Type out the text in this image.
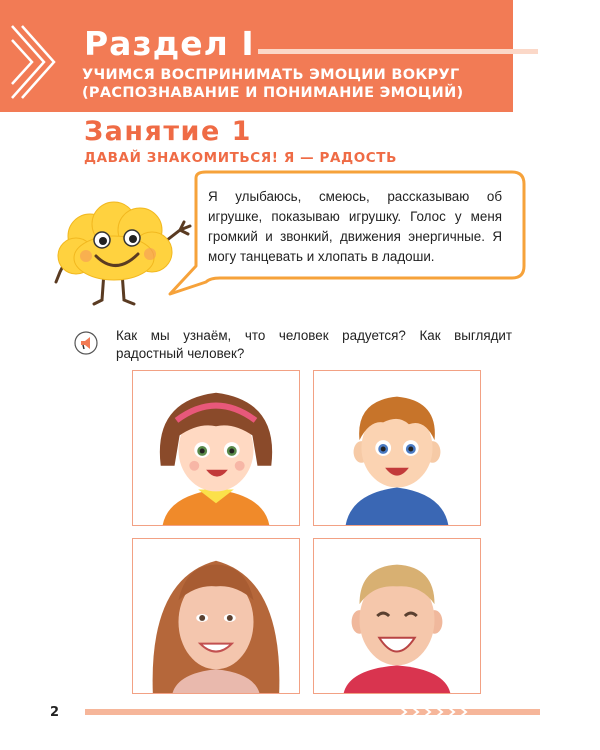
Раздел I
УЧИМСЯ ВОСПРИНИМАТЬ ЭМОЦИИ ВОКРУГ (РАСПОЗНАВАНИЕ И ПОНИМАНИЕ ЭМОЦИЙ)
Занятие 1
ДАВАЙ ЗНАКОМИТЬСЯ! Я — РАДОСТЬ
Я улыбаюсь, смеюсь, рассказываю об игрушке, показываю игрушку. Голос у меня громкий и звонкий, движения энергичные. Я могу танцевать и хлопать в ладоши.
Как мы узнаём, что человек радуется? Как выглядит радостный человек?
2
